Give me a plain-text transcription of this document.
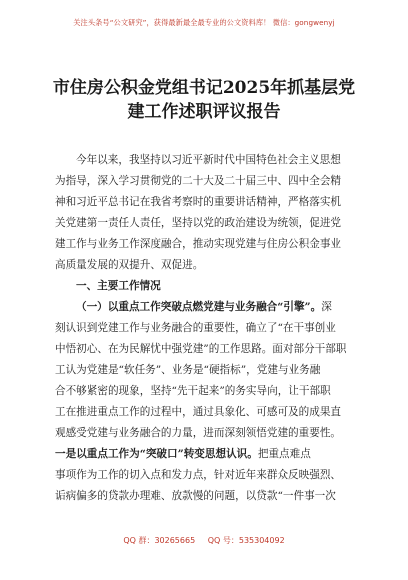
关注头条号“公文研究”，获得最新最全最专业的公文资料库！ 微信：gongwenyj
市住房公积金党组书记2025年抓基层党
建工作述职评议报告
今年以来，我坚持以习近平新时代中国特色社会主义思想
为指导，深入学习贯彻党的二十大及二十届三中、四中全会精
神和习近平总书记在我省考察时的重要讲话精神，严格落实机
关党建第一责任人责任，坚持以党的政治建设为统领，促进党
建工作与业务工作深度融合，推动实现党建与住房公积金事业
高质量发展的双提升、双促进。
一、主要工作情况
（一）以重点工作突破点燃党建与业务融合“引擎”。深
刻认识到党建工作与业务融合的重要性，确立了“在干事创业
中悟初心、在为民解忧中强党建”的工作思路。面对部分干部职
工认为党建是“软任务”、业务是“硬指标”，党建与业务融
合不够紧密的现象，坚持“先干起来”的务实导向，让干部职
工在推进重点工作的过程中，通过具象化、可感可及的成果直
观感受党建与业务融合的力量，进而深刻领悟党建的重要性。
一是以重点工作为“突破口”转变思想认识。把重点难点
事项作为工作的切入点和发力点，针对近年来群众反映强烈、
诟病偏多的贷款办理难、放款慢的问题，以贷款“一件事一次
QQ 群：30265665 QQ 号：535304092
